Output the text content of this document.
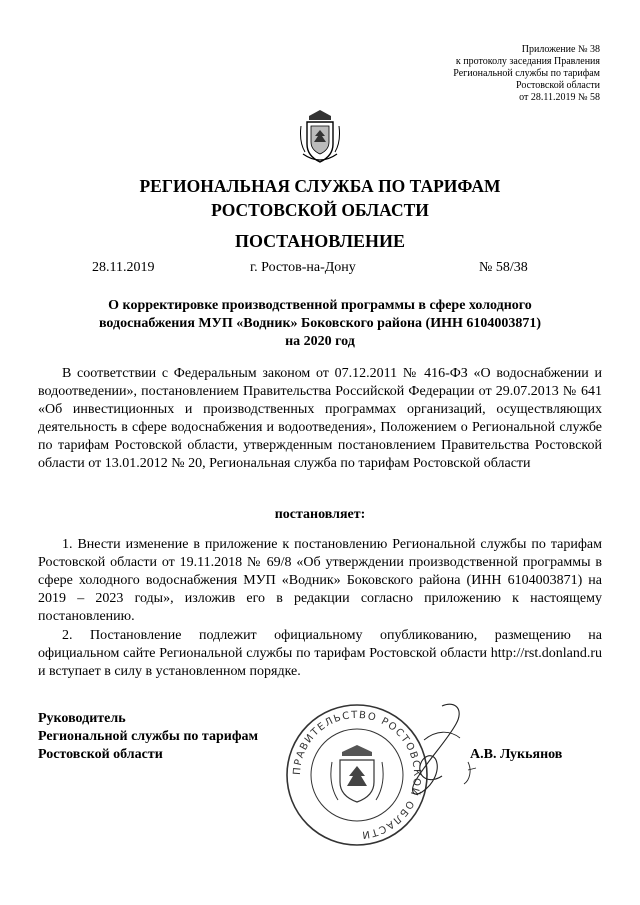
Приложение № 38
к протоколу заседания Правления
Региональной службы по тарифам
Ростовской области
от 28.11.2019 № 58
РЕГИОНАЛЬНАЯ СЛУЖБА ПО ТАРИФАМ
РОСТОВСКОЙ ОБЛАСТИ
ПОСТАНОВЛЕНИЕ
28.11.2019	г. Ростов-на-Дону	№ 58/38
О корректировке производственной программы в сфере холодного
водоснабжения МУП «Водник» Боковского района (ИНН 6104003871)
на 2020 год
В соответствии с Федеральным законом от 07.12.2011 № 416-ФЗ «О водоснабжении и водоотведении», постановлением Правительства Российской Федерации от 29.07.2013 № 641 «Об инвестиционных и производственных программах организаций, осуществляющих деятельность в сфере водоснабжения и водоотведения», Положением о Региональной службе по тарифам Ростовской области, утвержденным постановлением Правительства Ростовской области от 13.01.2012 № 20, Региональная служба по тарифам Ростовской области
постановляет:
1. Внести изменение в приложение к постановлению Региональной службы по тарифам Ростовской области от 19.11.2018 № 69/8 «Об утверждении производственной программы в сфере холодного водоснабжения МУП «Водник» Боковского района (ИНН 6104003871) на 2019 – 2023 годы», изложив его в редакции согласно приложению к настоящему постановлению.
2. Постановление подлежит официальному опубликованию, размещению на официальном сайте Региональной службы по тарифам Ростовской области http://rst.donland.ru и вступает в силу в установленном порядке.
Руководитель
Региональной службы по тарифам
Ростовской области
ПРАВИТЕЛЬСТВО РОСТОВСКОЙ ОБЛАСТИ
А.В. Лукьянов
